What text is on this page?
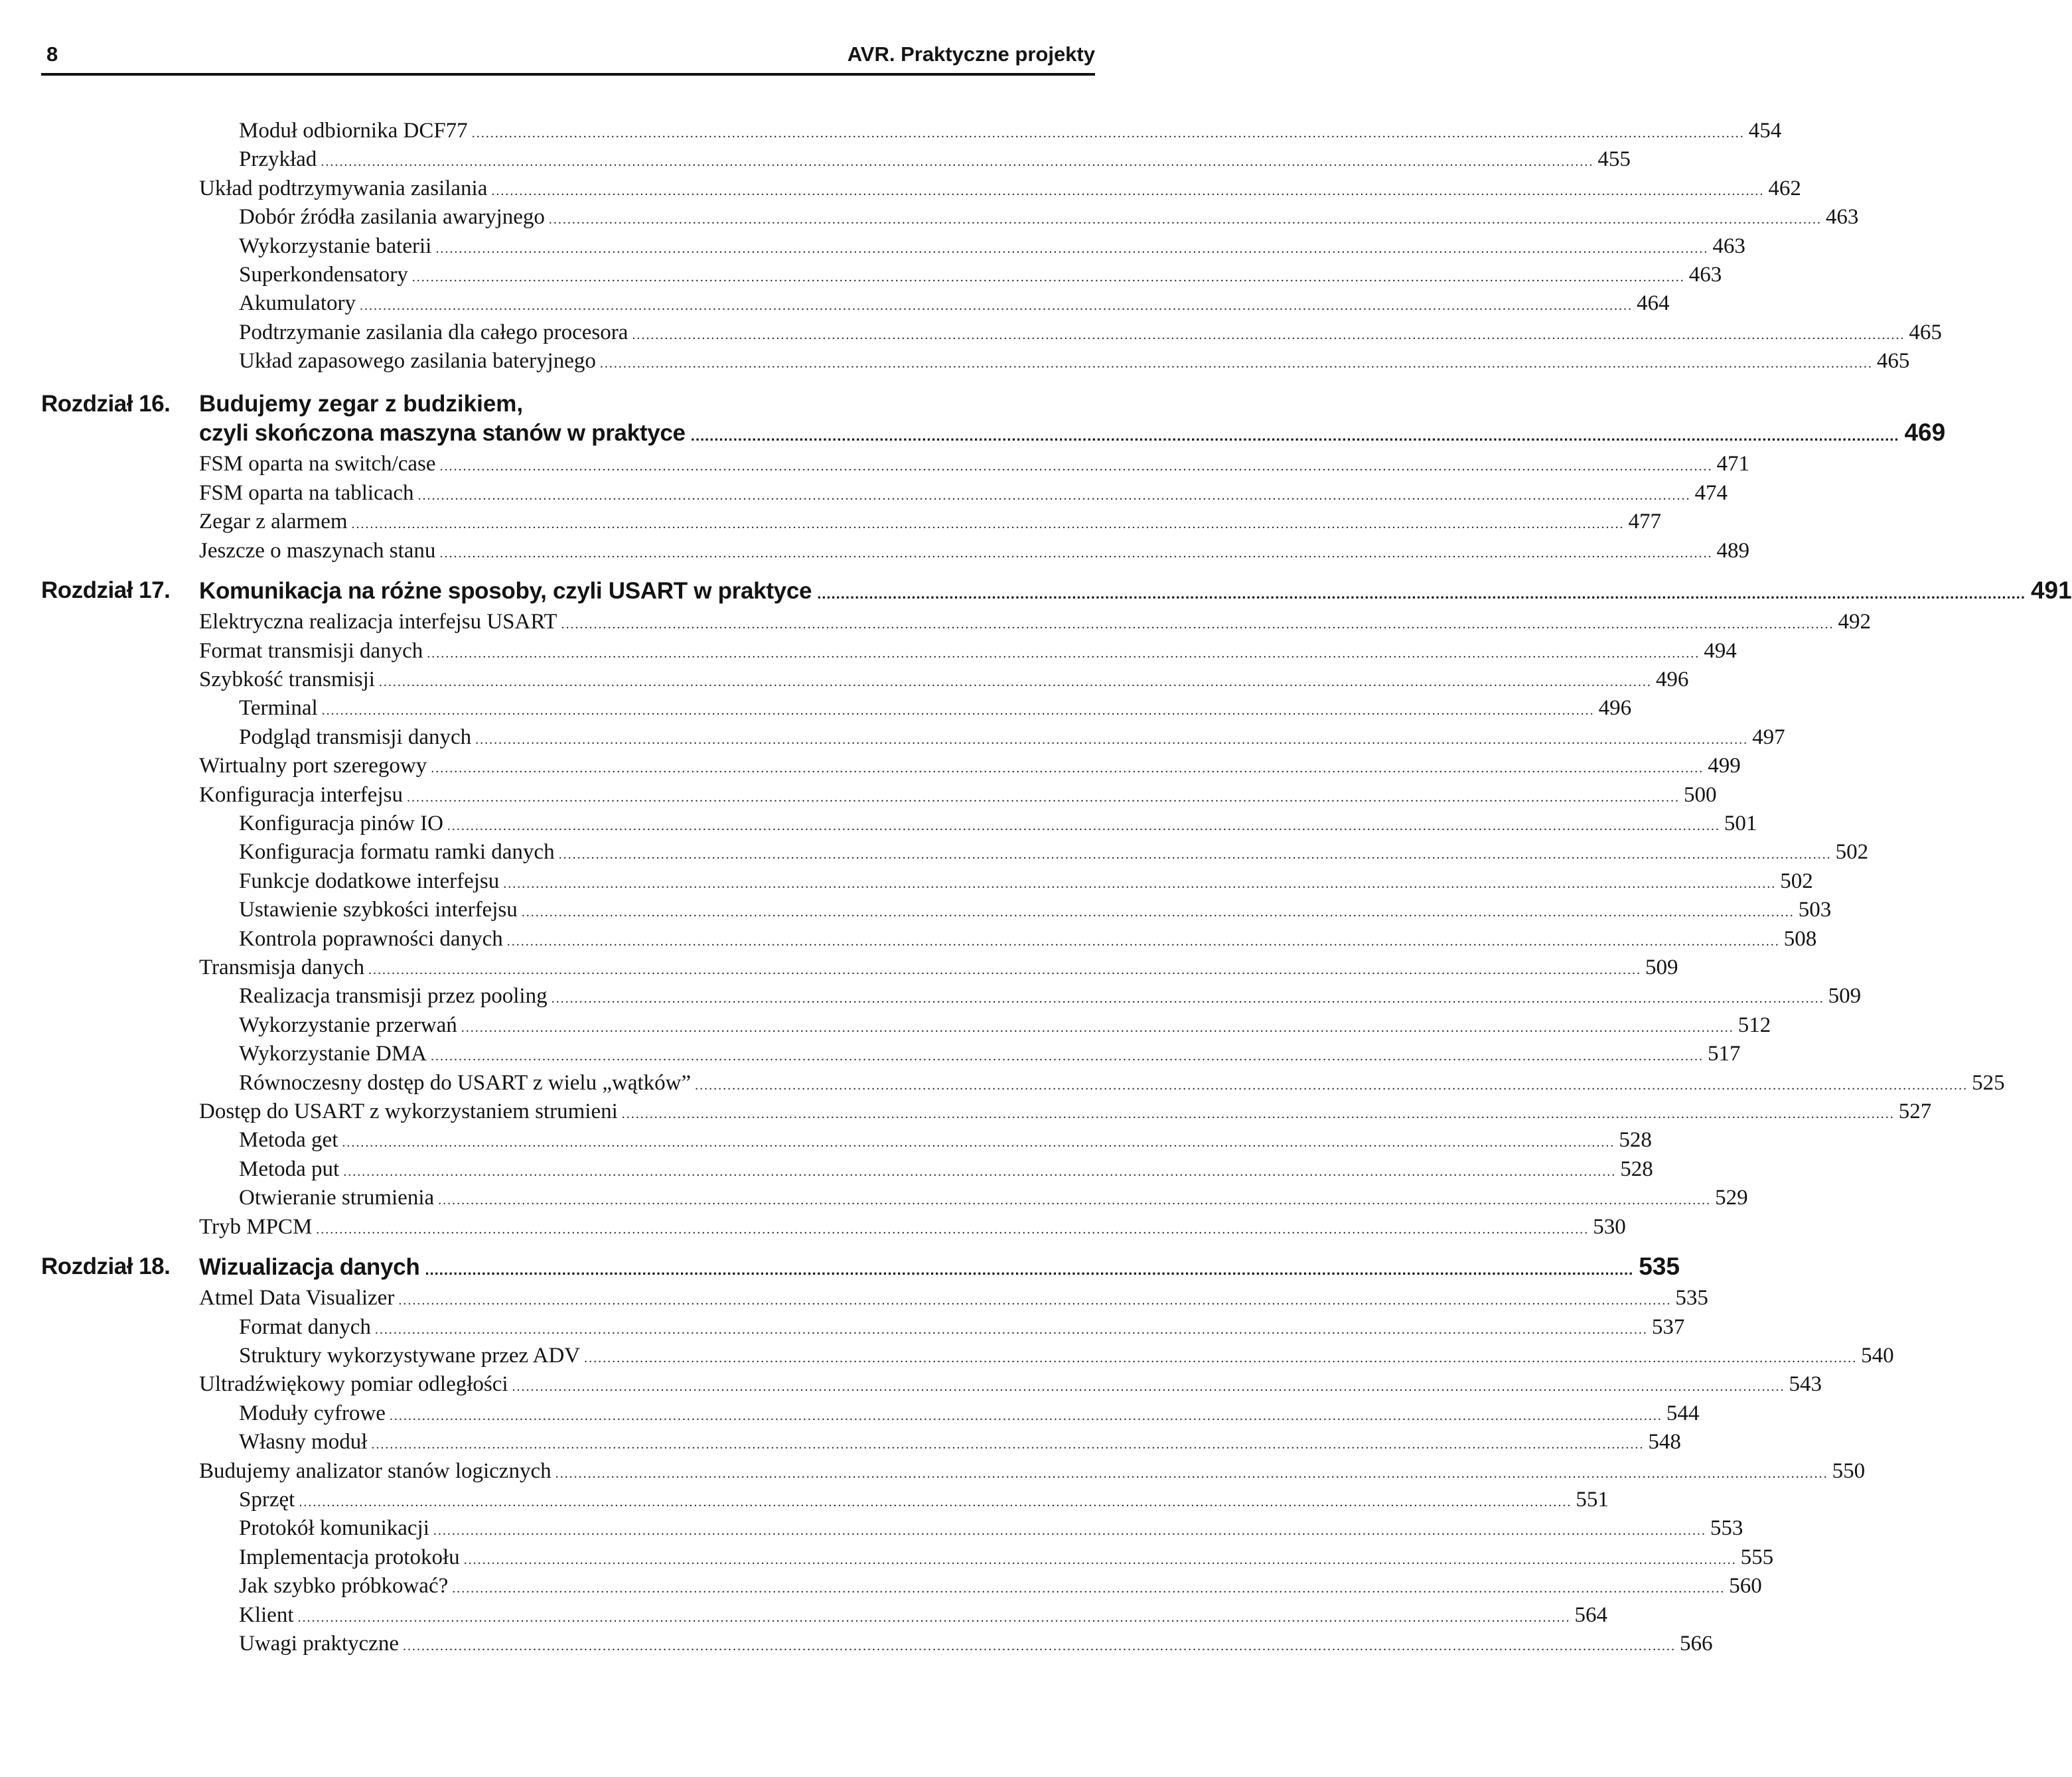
8	AVR. Praktyczne projekty
Moduł odbiornika DCF77 .....	454
Przykład .....	455
Układ podtrzymywania zasilania .....	462
Dobór źródła zasilania awaryjnego .....	463
Wykorzystanie baterii .....	463
Superkondensatory .....	463
Akumulatory .....	464
Podtrzymanie zasilania dla całego procesora .....	465
Układ zapasowego zasilania bateryjnego .....	465
Rozdział 16.	Budujemy zegar z budzikiem,
czyli skończona maszyna stanów w praktyce .....	469
FSM oparta na switch/case .....	471
FSM oparta na tablicach .....	474
Zegar z alarmem .....	477
Jeszcze o maszynach stanu .....	489
Rozdział 17.	Komunikacja na różne sposoby, czyli USART w praktyce .....	491
Elektryczna realizacja interfejsu USART .....	492
Format transmisji danych .....	494
Szybkość transmisji .....	496
Terminal .....	496
Podgląd transmisji danych .....	497
Wirtualny port szeregowy .....	499
Konfiguracja interfejsu .....	500
Konfiguracja pinów IO .....	501
Konfiguracja formatu ramki danych .....	502
Funkcje dodatkowe interfejsu .....	502
Ustawienie szybkości interfejsu .....	503
Kontrola poprawności danych .....	508
Transmisja danych .....	509
Realizacja transmisji przez pooling .....	509
Wykorzystanie przerwań .....	512
Wykorzystanie DMA .....	517
Równoczesny dostęp do USART z wielu „wątków” .....	525
Dostęp do USART z wykorzystaniem strumieni .....	527
Metoda get .....	528
Metoda put .....	528
Otwieranie strumienia .....	529
Tryb MPCM .....	530
Rozdział 18.	Wizualizacja danych .....	535
Atmel Data Visualizer .....	535
Format danych .....	537
Struktury wykorzystywane przez ADV .....	540
Ultradźwiękowy pomiar odległości .....	543
Moduły cyfrowe .....	544
Własny moduł .....	548
Budujemy analizator stanów logicznych .....	550
Sprzęt .....	551
Protokół komunikacji .....	553
Implementacja protokołu .....	555
Jak szybko próbkować? .....	560
Klient .....	564
Uwagi praktyczne .....	566
